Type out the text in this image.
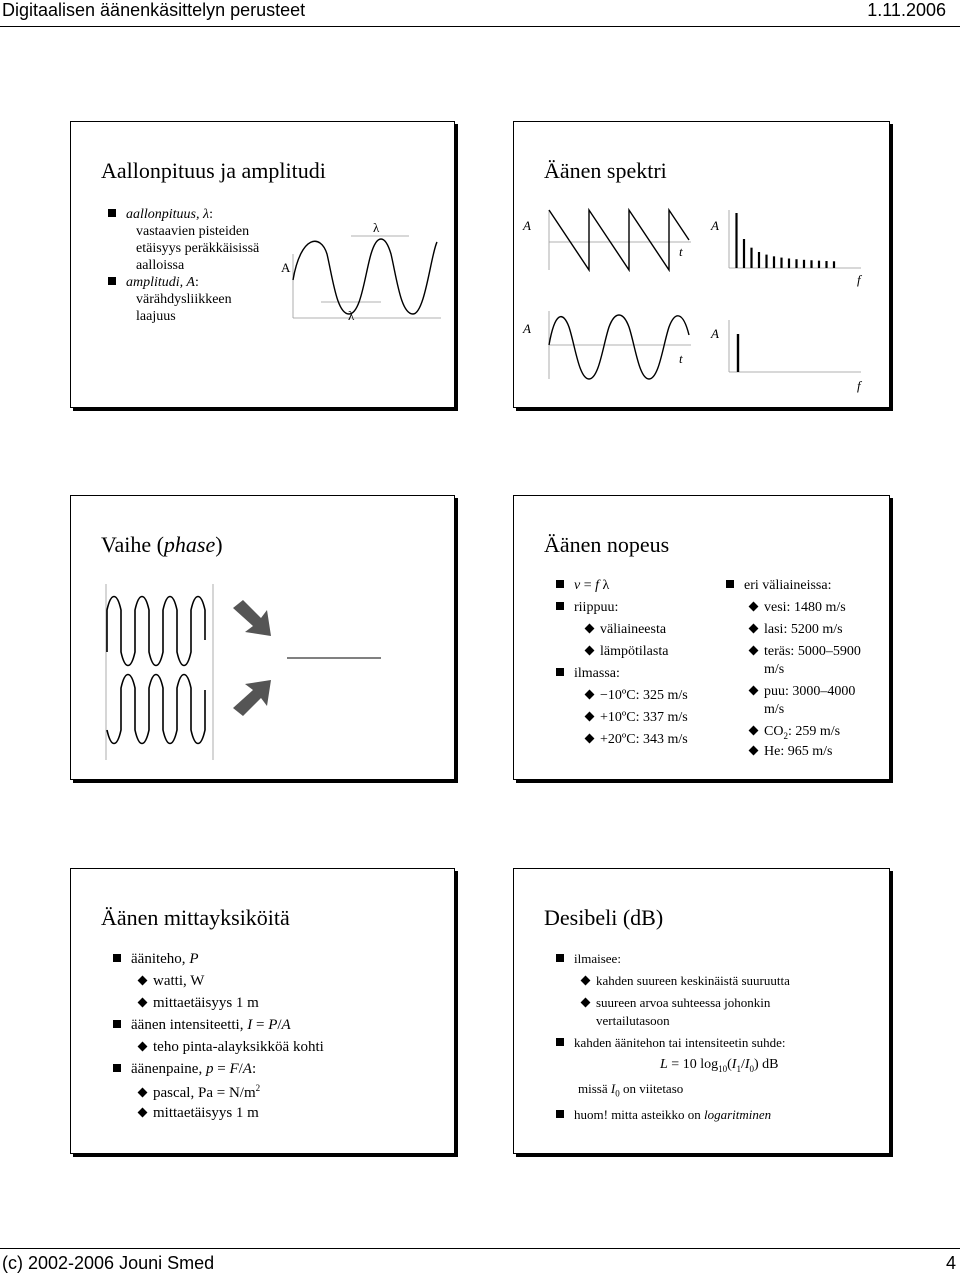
Digitaalisen äänenkäsittelyn perusteet	1.11.2006
Aallonpituus ja amplitudi
aallonpituus, λ:
vastaavien pisteiden
etäisyys peräkkäisissä
aalloissa
amplitudi, A:
värähdysliikkeen
laajuus
A
λ
λ
Äänen spektri
A
t
A
f
A
t
A
f
Vaihe (phase)	Äänen nopeus
v = f λ
riippuu:
väliaineesta
lämpötilasta
ilmassa:
−10ºC: 325 m/s
+10ºC: 337 m/s
+20ºC: 343 m/s
eri väliaineissa:
vesi: 1480 m/s
lasi: 5200 m/s
teräs: 5000–5900
m/s
puu: 3000–4000
m/s
$CO_2$: 259 m/s
He: 965 m/s
Äänen mittayksiköitä
ääniteho, P
watti, W
mittaetäisyys 1 m
äänen intensiteetti, I = P/A
teho pinta-alayksikköä kohti
äänenpaine, p = F/A:
pascal, $Pa = N/m^2$
mittaetäisyys 1 m
Desibeli (dB)
ilmaisee:
kahden suureen keskinäistä suuruutta
suureen arvoa suhteessa johonkin
vertailutasoon
kahden äänitehon tai intensiteetin suhde:
L = 10 $\log_{10}(I_1/I_0)$ dB
missä $I_0$ on viitetaso
huom! mitta asteikko on logaritminen
(c) 2002-2006 Jouni Smed	4
